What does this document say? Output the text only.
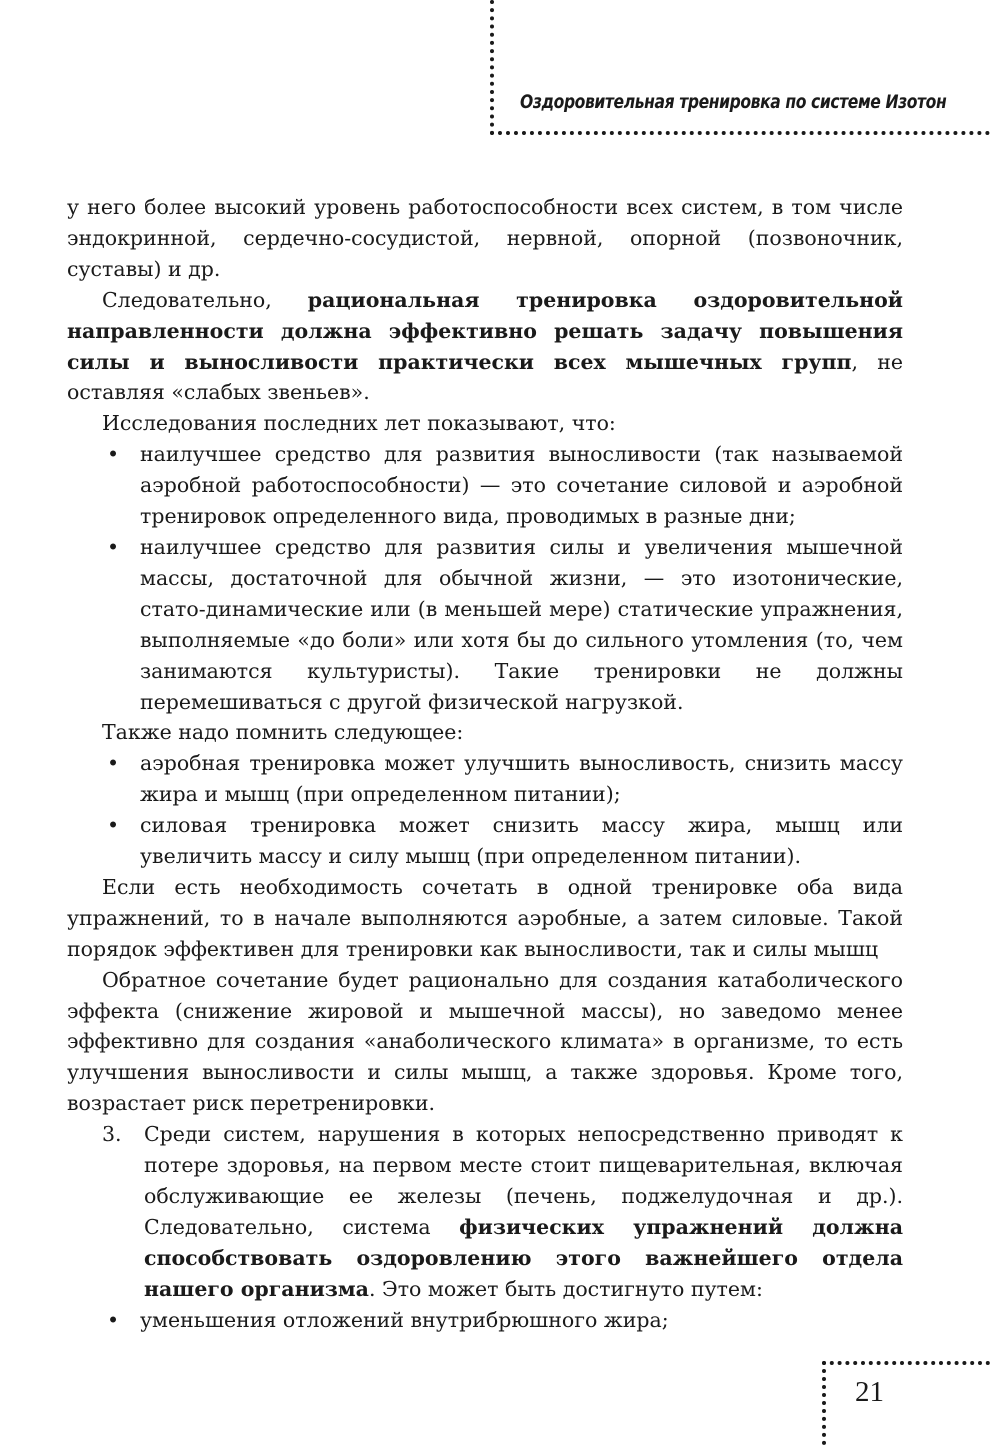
Оздоровительная тренировка по системе Изотон

у него более высокий уровень работоспособности всех систем, в том числе эндокринной, сердечно-сосудистой, нервной, опорной (позвоночник, суставы) и др.

Следовательно, рациональная тренировка оздоровительной направленности должна эффективно решать задачу повышения силы и выносливости практически всех мышечных групп, не оставляя «слабых звеньев».

Исследования последних лет показывают, что:

• наилучшее средство для развития выносливости (так называемой аэробной работоспособности) — это сочетание силовой и аэробной тренировок определенного вида, проводимых в разные дни;

• наилучшее средство для развития силы и увеличения мышечной массы, достаточной для обычной жизни, — это изотонические, стато-динамические или (в меньшей мере) статические упражнения, выполняемые «до боли» или хотя бы до сильного утомления (то, чем занимаются культуристы). Такие тренировки не должны перемешиваться с другой физической нагрузкой.

Также надо помнить следующее:

• аэробная тренировка может улучшить выносливость, снизить массу жира и мышц (при определенном питании);

• силовая тренировка может снизить массу жира, мышц или увеличить массу и силу мышц (при определенном питании).

Если есть необходимость сочетать в одной тренировке оба вида упражнений, то в начале выполняются аэробные, а затем силовые. Такой порядок эффективен для тренировки как выносливости, так и силы мышц

Обратное сочетание будет рационально для создания катаболического эффекта (снижение жировой и мышечной массы), но заведомо менее эффективно для создания «анаболического климата» в организме, то есть улучшения выносливости и силы мышц, а также здоровья. Кроме того, возрастает риск перетренировки.

3. Среди систем, нарушения в которых непосредственно приводят к потере здоровья, на первом месте стоит пищеварительная, включая обслуживающие ее железы (печень, поджелудочная и др.). Следовательно, система физических упражнений должна способствовать оздоровлению этого важнейшего отдела нашего организма. Это может быть достигнуто путем:

• уменьшения отложений внутрибрюшного жира;

21
